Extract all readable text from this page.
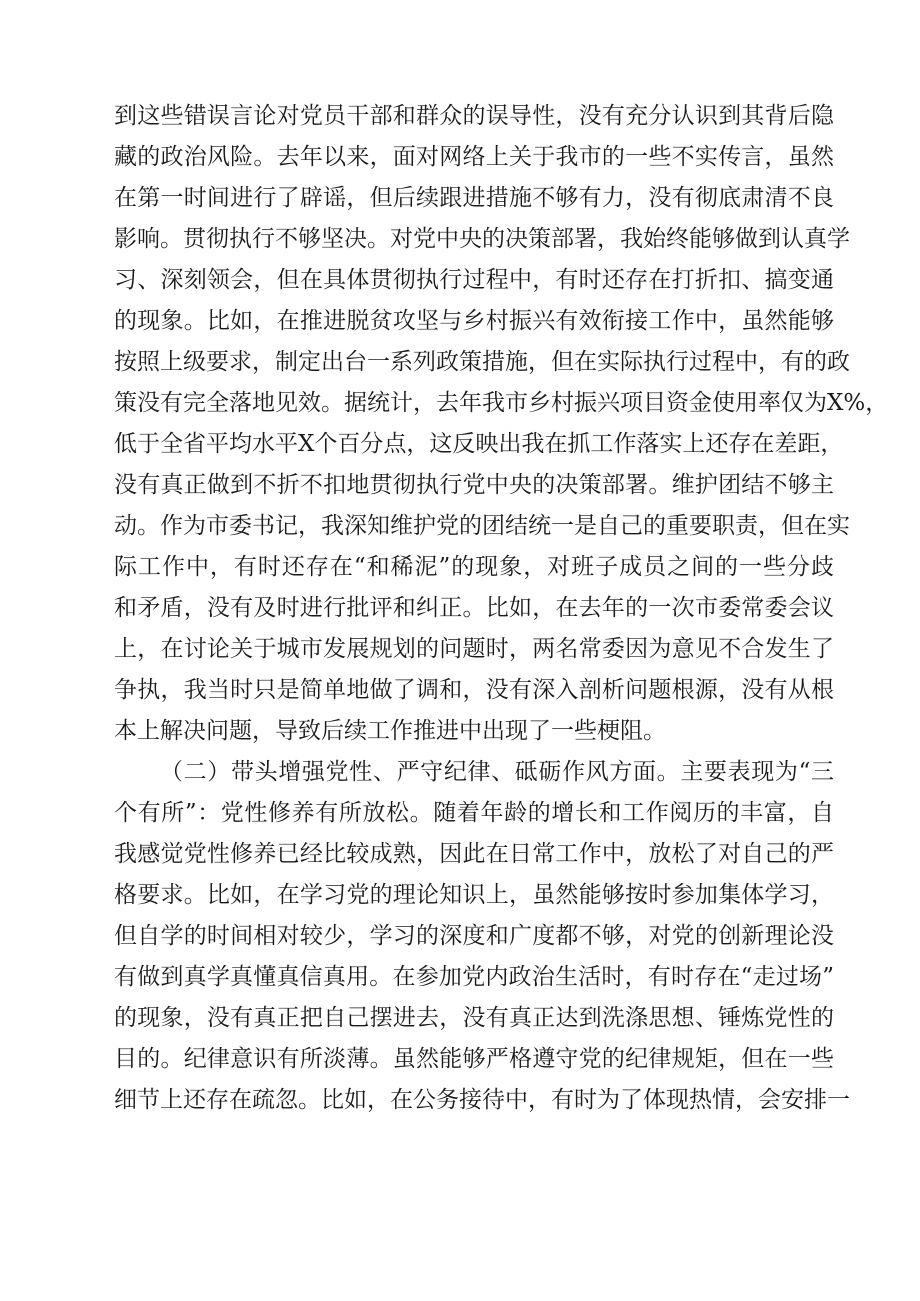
到这些错误言论对党员干部和群众的误导性，没有充分认识到其背后隐
藏的政治风险。去年以来，面对网络上关于我市的一些不实传言，虽然
在第一时间进行了辟谣，但后续跟进措施不够有力，没有彻底肃清不良
影响。贯彻执行不够坚决。对党中央的决策部署，我始终能够做到认真学
习、深刻领会，但在具体贯彻执行过程中，有时还存在打折扣、搞变通
的现象。比如，在推进脱贫攻坚与乡村振兴有效衔接工作中，虽然能够
按照上级要求，制定出台一系列政策措施，但在实际执行过程中，有的政
策没有完全落地见效。据统计，去年我市乡村振兴项目资金使用率仅为X%，
低于全省平均水平X个百分点，这反映出我在抓工作落实上还存在差距，
没有真正做到不折不扣地贯彻执行党中央的决策部署。维护团结不够主
动。作为市委书记，我深知维护党的团结统一是自己的重要职责，但在实
际工作中，有时还存在“和稀泥”的现象，对班子成员之间的一些分歧
和矛盾，没有及时进行批评和纠正。比如，在去年的一次市委常委会议
上，在讨论关于城市发展规划的问题时，两名常委因为意见不合发生了
争执，我当时只是简单地做了调和，没有深入剖析问题根源，没有从根
本上解决问题，导致后续工作推进中出现了一些梗阻。
（二）带头增强党性、严守纪律、砥砺作风方面。主要表现为“三
个有所”：党性修养有所放松。随着年龄的增长和工作阅历的丰富，自
我感觉党性修养已经比较成熟，因此在日常工作中，放松了对自己的严
格要求。比如，在学习党的理论知识上，虽然能够按时参加集体学习，
但自学的时间相对较少，学习的深度和广度都不够，对党的创新理论没
有做到真学真懂真信真用。在参加党内政治生活时，有时存在“走过场”
的现象，没有真正把自己摆进去，没有真正达到洗涤思想、锤炼党性的
目的。纪律意识有所淡薄。虽然能够严格遵守党的纪律规矩，但在一些
细节上还存在疏忽。比如，在公务接待中，有时为了体现热情，会安排一
